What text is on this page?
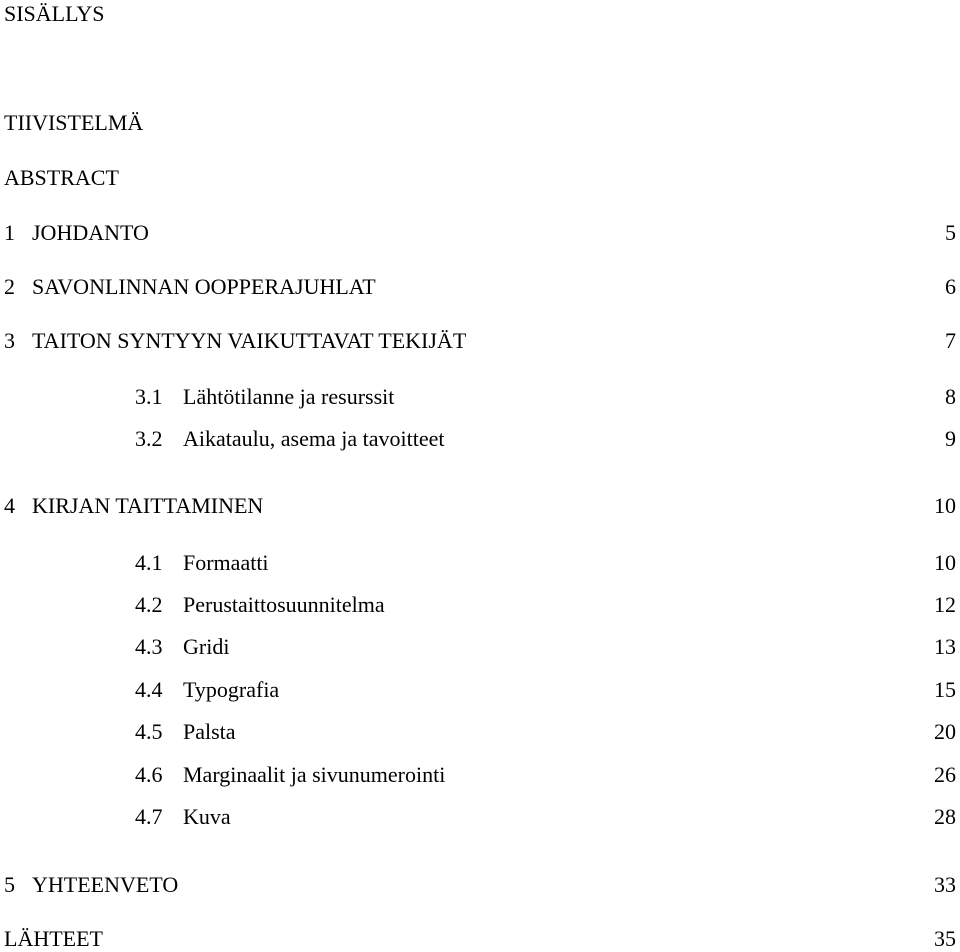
SISÄLLYS
TIIVISTELMÄ
ABSTRACT
1 JOHDANTO	5
2 SAVONLINNAN OOPPERAJUHLAT	6
3 TAITON SYNTYYN VAIKUTTAVAT TEKIJÄT	7
3.1 Lähtötilanne ja resurssit	8
3.2 Aikataulu, asema ja tavoitteet	9
4 KIRJAN TAITTAMINEN	10
4.1 Formaatti	10
4.2 Perustaittosuunnitelma	12
4.3 Gridi	13
4.4 Typografia	15
4.5 Palsta	20
4.6 Marginaalit ja sivunumerointi	26
4.7 Kuva	28
5 YHTEENVETO	33
LÄHTEET	35
